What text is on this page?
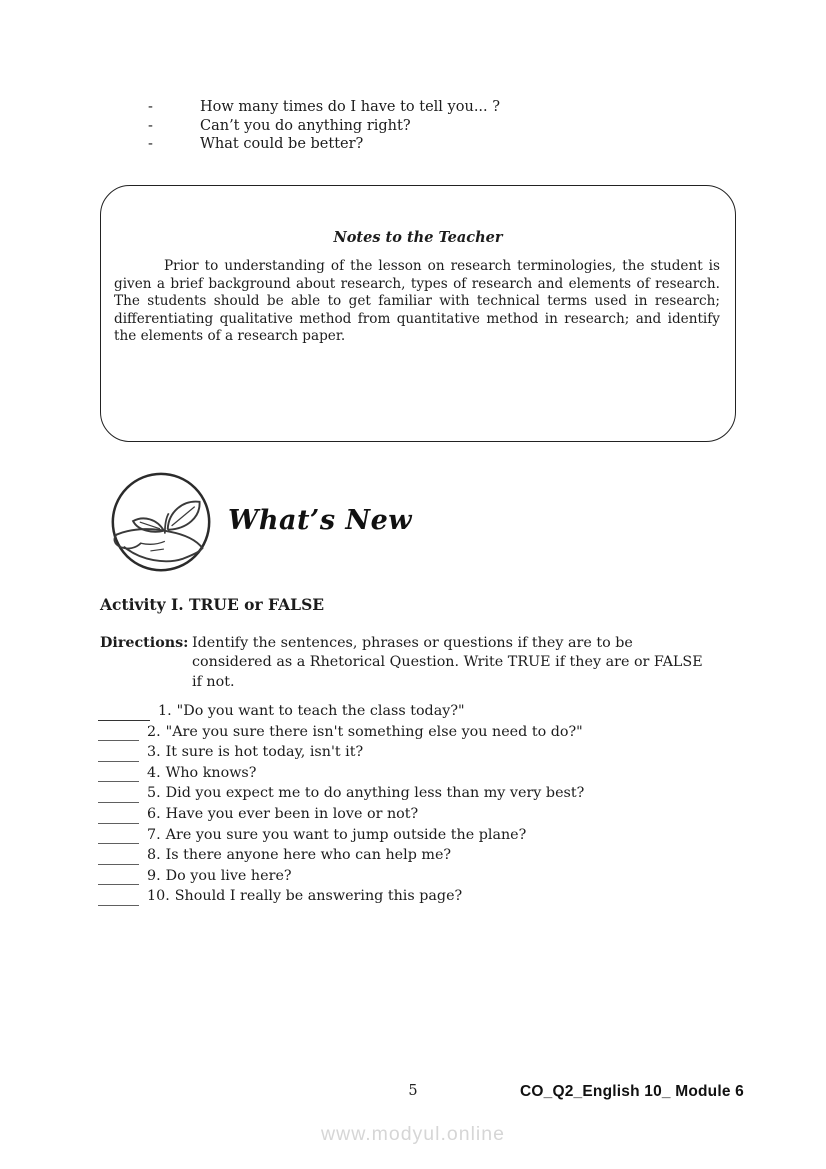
-	How many times do I have to tell you... ?
-	Can’t you do anything right?
-	What could be better?
Notes to the Teacher

Prior to understanding of the lesson on research terminologies, the student is given a brief background about research, types of research and elements of research. The students should be able to get familiar with technical terms used in research; differentiating qualitative method from quantitative method in research; and identify the elements of a research paper.

What’s New
Activity I. TRUE or FALSE
Directions: Identify the sentences, phrases or questions if they are to be
considered as a Rhetorical Question. Write TRUE if they are or FALSE
if not.
1. "Do you want to teach the class today?"
2. "Are you sure there isn't something else you need to do?"
3. It sure is hot today, isn't it?
4. Who knows?
5. Did you expect me to do anything less than my very best?
6. Have you ever been in love or not?
7. Are you sure you want to jump outside the plane?
8. Is there anyone here who can help me?
9. Do you live here?
10. Should I really be answering this page?
5	CO_Q2_English 10_ Module 6
www.modyul.online
